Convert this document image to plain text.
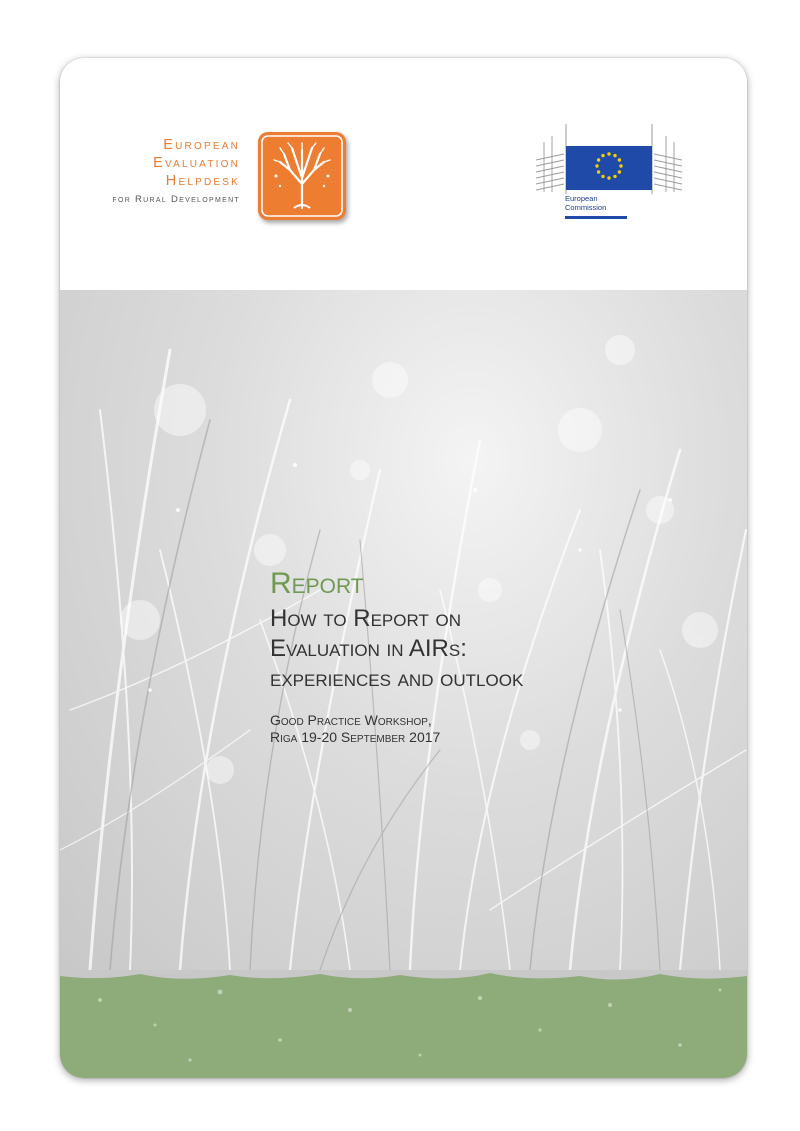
European
Evaluation
Helpdesk
for Rural Development	European
Commission
Report
How to Report on
Evaluation in AIRs:
experiences and outlook
Good Practice Workshop,
Riga 19-20 September 2017
